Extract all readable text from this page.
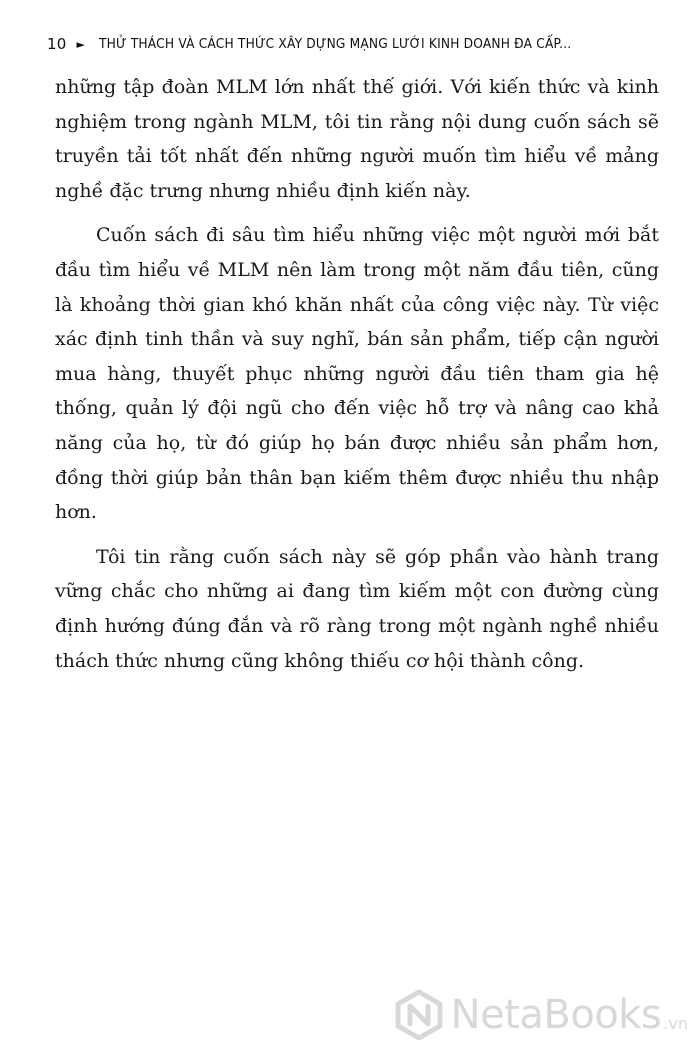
10 ► THỬ THÁCH VÀ CÁCH THỨC XÂY DỰNG MẠNG LƯỚI KINH DOANH ĐA CẤP...

những tập đoàn MLM lớn nhất thế giới. Với kiến thức và kinh nghiệm trong ngành MLM, tôi tin rằng nội dung cuốn sách sẽ truyền tải tốt nhất đến những người muốn tìm hiểu về mảng nghề đặc trưng nhưng nhiều định kiến này.

Cuốn sách đi sâu tìm hiểu những việc một người mới bắt đầu tìm hiểu về MLM nên làm trong một năm đầu tiên, cũng là khoảng thời gian khó khăn nhất của công việc này. Từ việc xác định tinh thần và suy nghĩ, bán sản phẩm, tiếp cận người mua hàng, thuyết phục những người đầu tiên tham gia hệ thống, quản lý đội ngũ cho đến việc hỗ trợ và nâng cao khả năng của họ, từ đó giúp họ bán được nhiều sản phẩm hơn, đồng thời giúp bản thân bạn kiếm thêm được nhiều thu nhập hơn.

Tôi tin rằng cuốn sách này sẽ góp phần vào hành trang vững chắc cho những ai đang tìm kiếm một con đường cùng định hướng đúng đắn và rõ ràng trong một ngành nghề nhiều thách thức nhưng cũng không thiếu cơ hội thành công.

NetaBooks .vn
